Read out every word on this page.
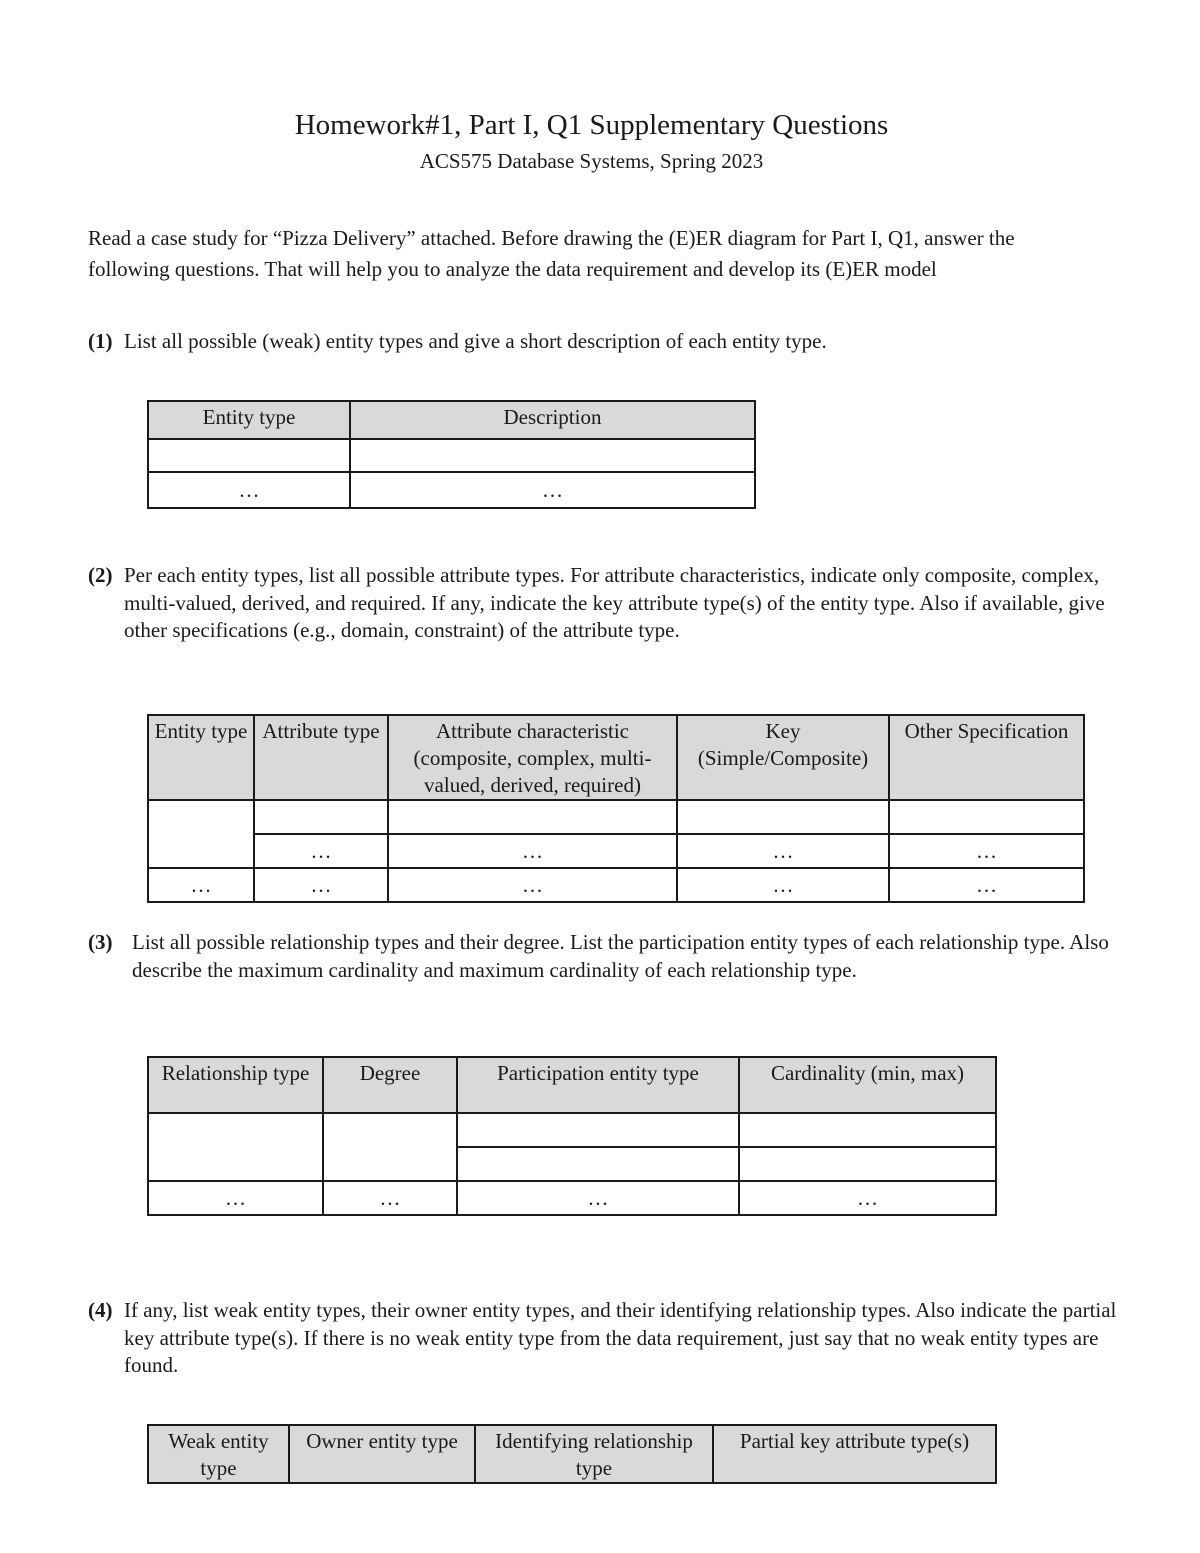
Homework#1, Part I, Q1 Supplementary Questions
ACS575 Database Systems, Spring 2023

Read a case study for “Pizza Delivery” attached. Before drawing the (E)ER diagram for Part I, Q1, answer the following questions. That will help you to analyze the data requirement and develop its (E)ER model

(1) List all possible (weak) entity types and give a short description of each entity type.

Entity type	Description

…	…

(2) Per each entity types, list all possible attribute types. For attribute characteristics, indicate only composite, complex, multi-valued, derived, and required. If any, indicate the key attribute type(s) of the entity type. Also if available, give other specifications (e.g., domain, constraint) of the attribute type.

Entity type	Attribute type	Attribute characteristic (composite, complex, multi-valued, derived, required)	Key (Simple/Composite)	Other Specification

	…	…	…	…
…	…	…	…	…

(3) List all possible relationship types and their degree. List the participation entity types of each relationship type. Also describe the maximum cardinality and maximum cardinality of each relationship type.

Relationship type	Degree	Participation entity type	Cardinality (min, max)

…	…	…	…

(4) If any, list weak entity types, their owner entity types, and their identifying relationship types. Also indicate the partial key attribute type(s). If there is no weak entity type from the data requirement, just say that no weak entity types are found.

Weak entity type	Owner entity type	Identifying relationship type	Partial key attribute type(s)
